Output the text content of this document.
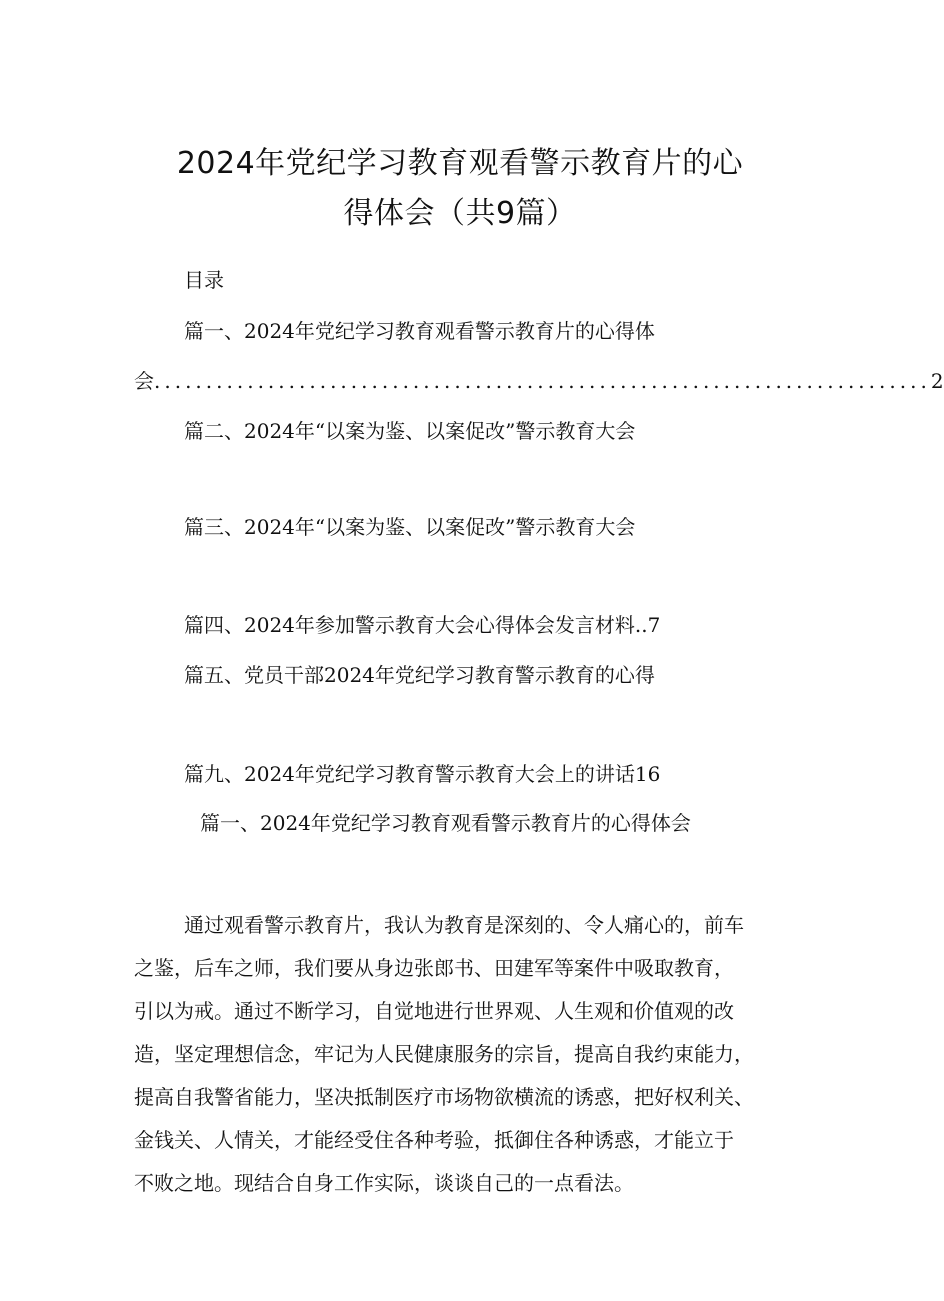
2024年党纪学习教育观看警示教育片的心
得体会（共9篇）
目录
篇一、2024年党纪学习教育观看警示教育片的心得体
会 ........................................................................... 2
篇二、2024年“以案为鉴、以案促改”警示教育大会
篇三、2024年“以案为鉴、以案促改”警示教育大会
篇四、2024年参加警示教育大会心得体会发言材料..7
篇五、党员干部2024年党纪学习教育警示教育的心得
篇九、2024年党纪学习教育警示教育大会上的讲话16
篇一、2024年党纪学习教育观看警示教育片的心得体会
通过观看警示教育片，我认为教育是深刻的、令人痛心的，前车
之鉴，后车之师，我们要从身边张郎书、田建军等案件中吸取教育，
引以为戒。通过不断学习，自觉地进行世界观、人生观和价值观的改
造，坚定理想信念，牢记为人民健康服务的宗旨，提高自我约束能力，
提高自我警省能力，坚决抵制医疗市场物欲横流的诱惑，把好权利关、
金钱关、人情关，才能经受住各种考验，抵御住各种诱惑，才能立于
不败之地。现结合自身工作实际，谈谈自己的一点看法。
